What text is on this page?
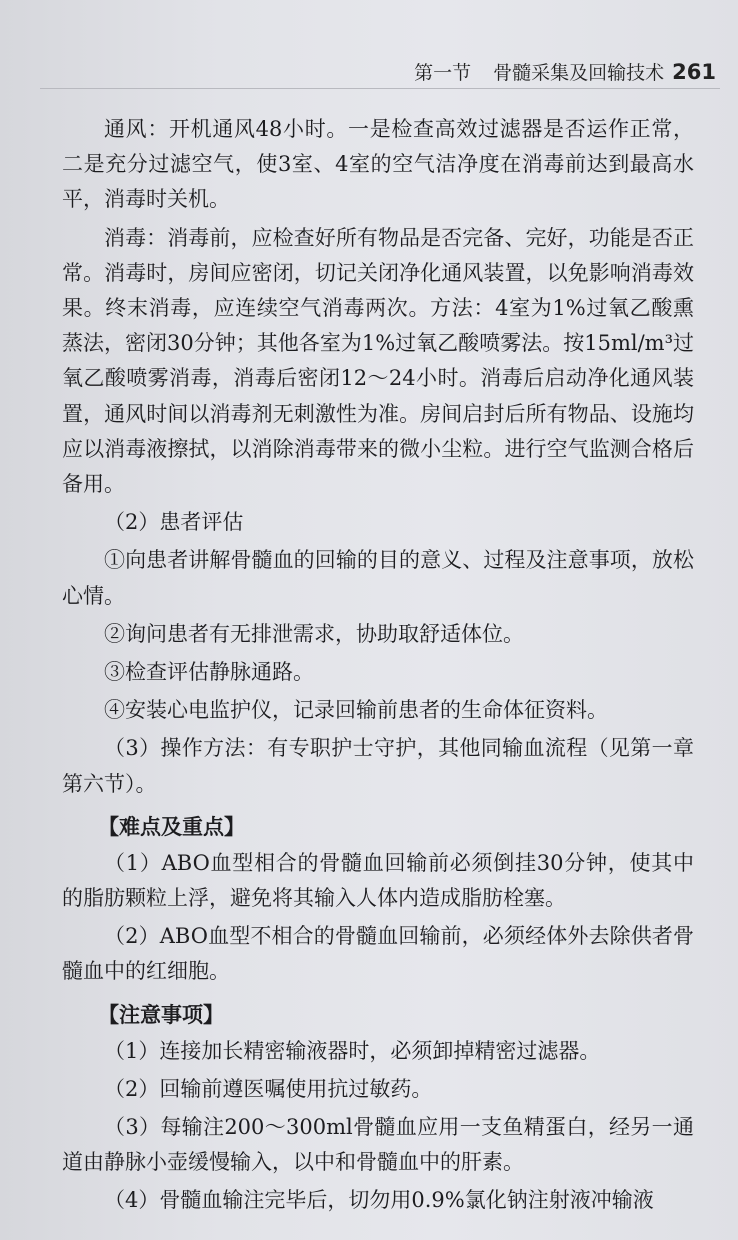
第一节 骨髓采集及回输技术 261

通风：开机通风48小时。一是检查高效过滤器是否运作正常，二是充分过滤空气，使3室、4室的空气洁净度在消毒前达到最高水平，消毒时关机。

消毒：消毒前，应检查好所有物品是否完备、完好，功能是否正常。消毒时，房间应密闭，切记关闭净化通风装置，以免影响消毒效果。终末消毒，应连续空气消毒两次。方法：4室为1%过氧乙酸熏蒸法，密闭30分钟；其他各室为1%过氧乙酸喷雾法。按15ml/m³过氧乙酸喷雾消毒，消毒后密闭12～24小时。消毒后启动净化通风装置，通风时间以消毒剂无刺激性为准。房间启封后所有物品、设施均应以消毒液擦拭，以消除消毒带来的微小尘粒。进行空气监测合格后备用。

（2）患者评估

①向患者讲解骨髓血的回输的目的意义、过程及注意事项，放松心情。

②询问患者有无排泄需求，协助取舒适体位。

③检查评估静脉通路。

④安装心电监护仪，记录回输前患者的生命体征资料。

（3）操作方法：有专职护士守护，其他同输血流程（见第一章第六节）。

【难点及重点】

（1）ABO血型相合的骨髓血回输前必须倒挂30分钟，使其中的脂肪颗粒上浮，避免将其输入人体内造成脂肪栓塞。

（2）ABO血型不相合的骨髓血回输前，必须经体外去除供者骨髓血中的红细胞。

【注意事项】

（1）连接加长精密输液器时，必须卸掉精密过滤器。

（2）回输前遵医嘱使用抗过敏药。

（3）每输注200～300ml骨髓血应用一支鱼精蛋白，经另一通道由静脉小壶缓慢输入，以中和骨髓血中的肝素。

（4）骨髓血输注完毕后，切勿用0.9%氯化钠注射液冲输液
